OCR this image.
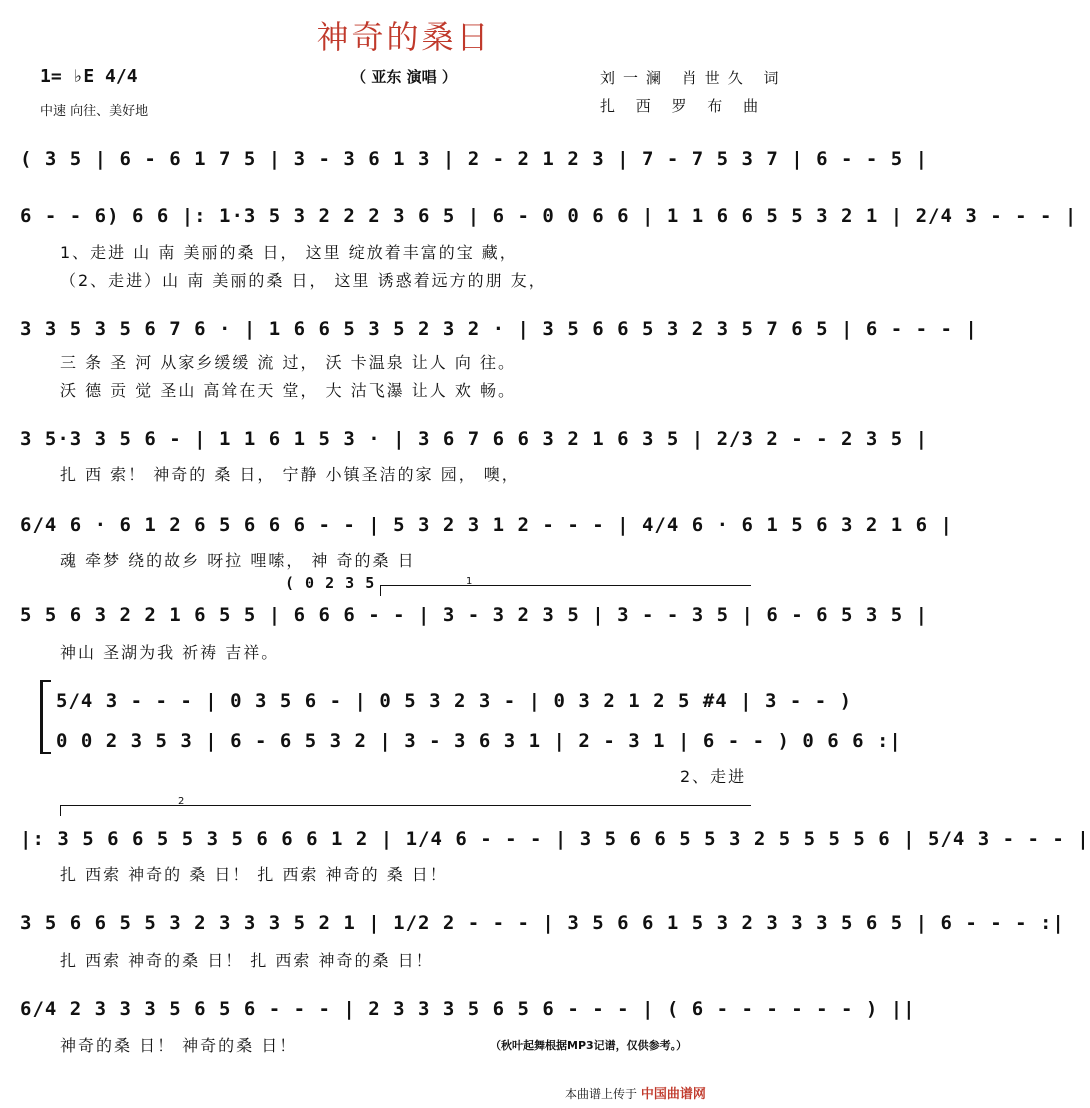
神奇的桑日
（ 亚东 演唱 ）
1= ♭E 4/4
中速 向往、美好地
刘一澜 肖世久 词
扎 西 罗 布 曲
( 3 5 | 6 - 6 1 7 5 | 3 - 3 6 1 3 | 2 - 2 1 2 3 | 7 - 7 5 3 7 | 6 - - 5 |
6 - - 6) 6 6 |: 1·3 5 3 2 2 2 3 6 5 | 6 - 0 0 6 6 | 1 1 6 6 5 5 3 2 1 | 2/4 3 - - - |
1、走进 山 南 美丽的桑 日， 这里 绽放着丰富的宝 藏，
（2、走进）山 南 美丽的桑 日， 这里 诱惑着远方的朋 友，
3 3 5 3 5 6 7 6 · | 1 6 6 5 3 5 2 3 2 · | 3 5 6 6 5 3 2 3 5 7 6 5 | 6 - - - |
三 条 圣 河 从家乡缓缓 流 过， 沃 卡温泉 让人 向 往。
沃 德 贡 觉 圣山 高耸在天 堂， 大 沽飞瀑 让人 欢 畅。
3 5·3 3 5 6 - | 1 1 6 1 5 3 · | 3 6 7 6 6 3 2 1 6 3 5 | 2/3 2 - - 2 3 5 |
扎 西 索！ 神奇的 桑 日， 宁静 小镇圣洁的家 园， 噢，
6/4 6 · 6 1 2 6 5 6 6 6 - - | 5 3 2 3 1 2 - - - | 4/4 6 · 6 1 5 6 3 2 1 6 |
魂 牵梦 绕的故乡 呀拉 哩嗦， 神 奇的桑 日
( 0 2 3 5	1
5 5 6 3 2 2 1 6 5 5 | 6 6 6 - - | 3 - 3 2 3 5 | 3 - - 3 5 | 6 - 6 5 3 5 |
神山 圣湖为我 祈祷 吉祥。
5/4 3 - - - | 0 3 5 6 - | 0 5 3 2 3 - | 0 3 2 1 2 5 #4 | 3 - - )
0 0 2 3 5 3 | 6 - 6 5 3 2 | 3 - 3 6 3 1 | 2 - 3 1 | 6 - - ) 0 6 6 :|
2、走进
2
|: 3 5 6 6 5 5 3 5 6 6 6 1 2 | 1/4 6 - - - | 3 5 6 6 5 5 3 2 5 5 5 5 6 | 5/4 3 - - - |
扎 西索 神奇的 桑 日！ 扎 西索 神奇的 桑 日！
3 5 6 6 5 5 3 2 3 3 3 5 2 1 | 1/2 2 - - - | 3 5 6 6 1 5 3 2 3 3 3 5 6 5 | 6 - - - :|
扎 西索 神奇的桑 日！ 扎 西索 神奇的桑 日！
6/4 2 3 3 3 5 6 5 6 - - - | 2 3 3 3 5 6 5 6 - - - | ( 6 - - - - - - ) ||
神奇的桑 日！ 神奇的桑 日！	（秋叶起舞根据MP3记谱，仅供参考。）
本曲谱上传于 中国曲谱网
